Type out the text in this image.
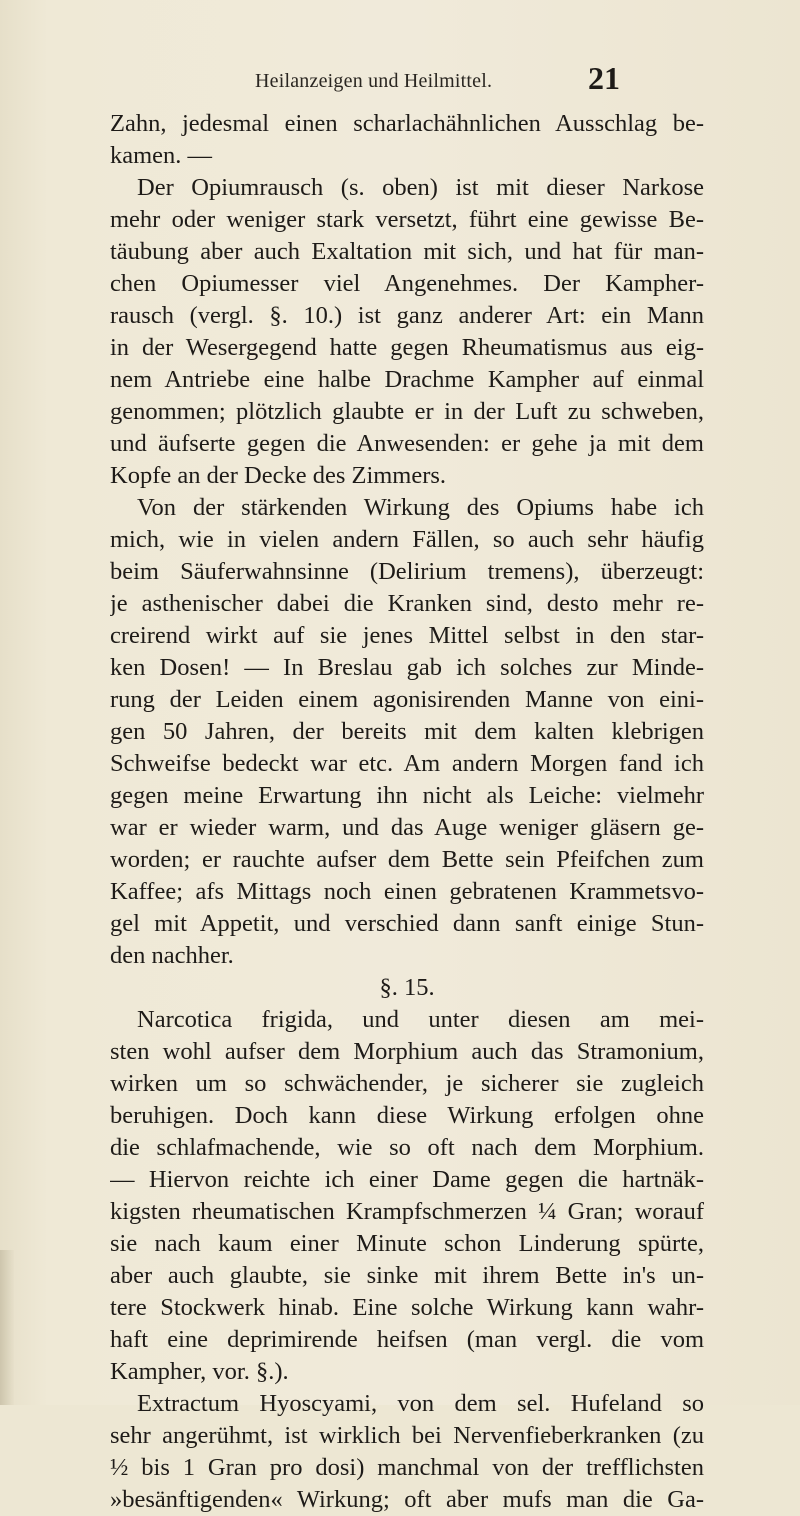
Heilanzeigen und Heilmittel.	21
Zahn, jedesmal einen scharlachähnlichen Ausschlag be-
kamen. —
Der Opiumrausch (s. oben) ist mit dieser Narkose
mehr oder weniger stark versetzt, führt eine gewisse Be-
täubung aber auch Exaltation mit sich, und hat für man-
chen Opiumesser viel Angenehmes. Der Kampher-
rausch (vergl. §. 10.) ist ganz anderer Art: ein Mann
in der Wesergegend hatte gegen Rheumatismus aus eig-
nem Antriebe eine halbe Drachme Kampher auf einmal
genommen; plötzlich glaubte er in der Luft zu schweben,
und äufserte gegen die Anwesenden: er gehe ja mit dem
Kopfe an der Decke des Zimmers.
Von der stärkenden Wirkung des Opiums habe ich
mich, wie in vielen andern Fällen, so auch sehr häufig
beim Säuferwahnsinne (Delirium tremens), überzeugt:
je asthenischer dabei die Kranken sind, desto mehr re-
creirend wirkt auf sie jenes Mittel selbst in den star-
ken Dosen! — In Breslau gab ich solches zur Minde-
rung der Leiden einem agonisirenden Manne von eini-
gen 50 Jahren, der bereits mit dem kalten klebrigen
Schweifse bedeckt war etc. Am andern Morgen fand ich
gegen meine Erwartung ihn nicht als Leiche: vielmehr
war er wieder warm, und das Auge weniger gläsern ge-
worden; er rauchte aufser dem Bette sein Pfeifchen zum
Kaffee; afs Mittags noch einen gebratenen Krammetsvo-
gel mit Appetit, und verschied dann sanft einige Stun-
den nachher.
§. 15.
Narcotica frigida, und unter diesen am mei-
sten wohl aufser dem Morphium auch das Stramonium,
wirken um so schwächender, je sicherer sie zugleich
beruhigen. Doch kann diese Wirkung erfolgen ohne
die schlafmachende, wie so oft nach dem Morphium.
— Hiervon reichte ich einer Dame gegen die hartnäk-
kigsten rheumatischen Krampfschmerzen ¼ Gran; worauf
sie nach kaum einer Minute schon Linderung spürte,
aber auch glaubte, sie sinke mit ihrem Bette in's un-
tere Stockwerk hinab. Eine solche Wirkung kann wahr-
haft eine deprimirende heifsen (man vergl. die vom
Kampher, vor. §.).
Extractum Hyoscyami, von dem sel. Hufeland so
sehr angerühmt, ist wirklich bei Nervenfieberkranken (zu
½ bis 1 Gran pro dosi) manchmal von der trefflichsten
»besänftigenden« Wirkung; oft aber mufs man die Ga-
